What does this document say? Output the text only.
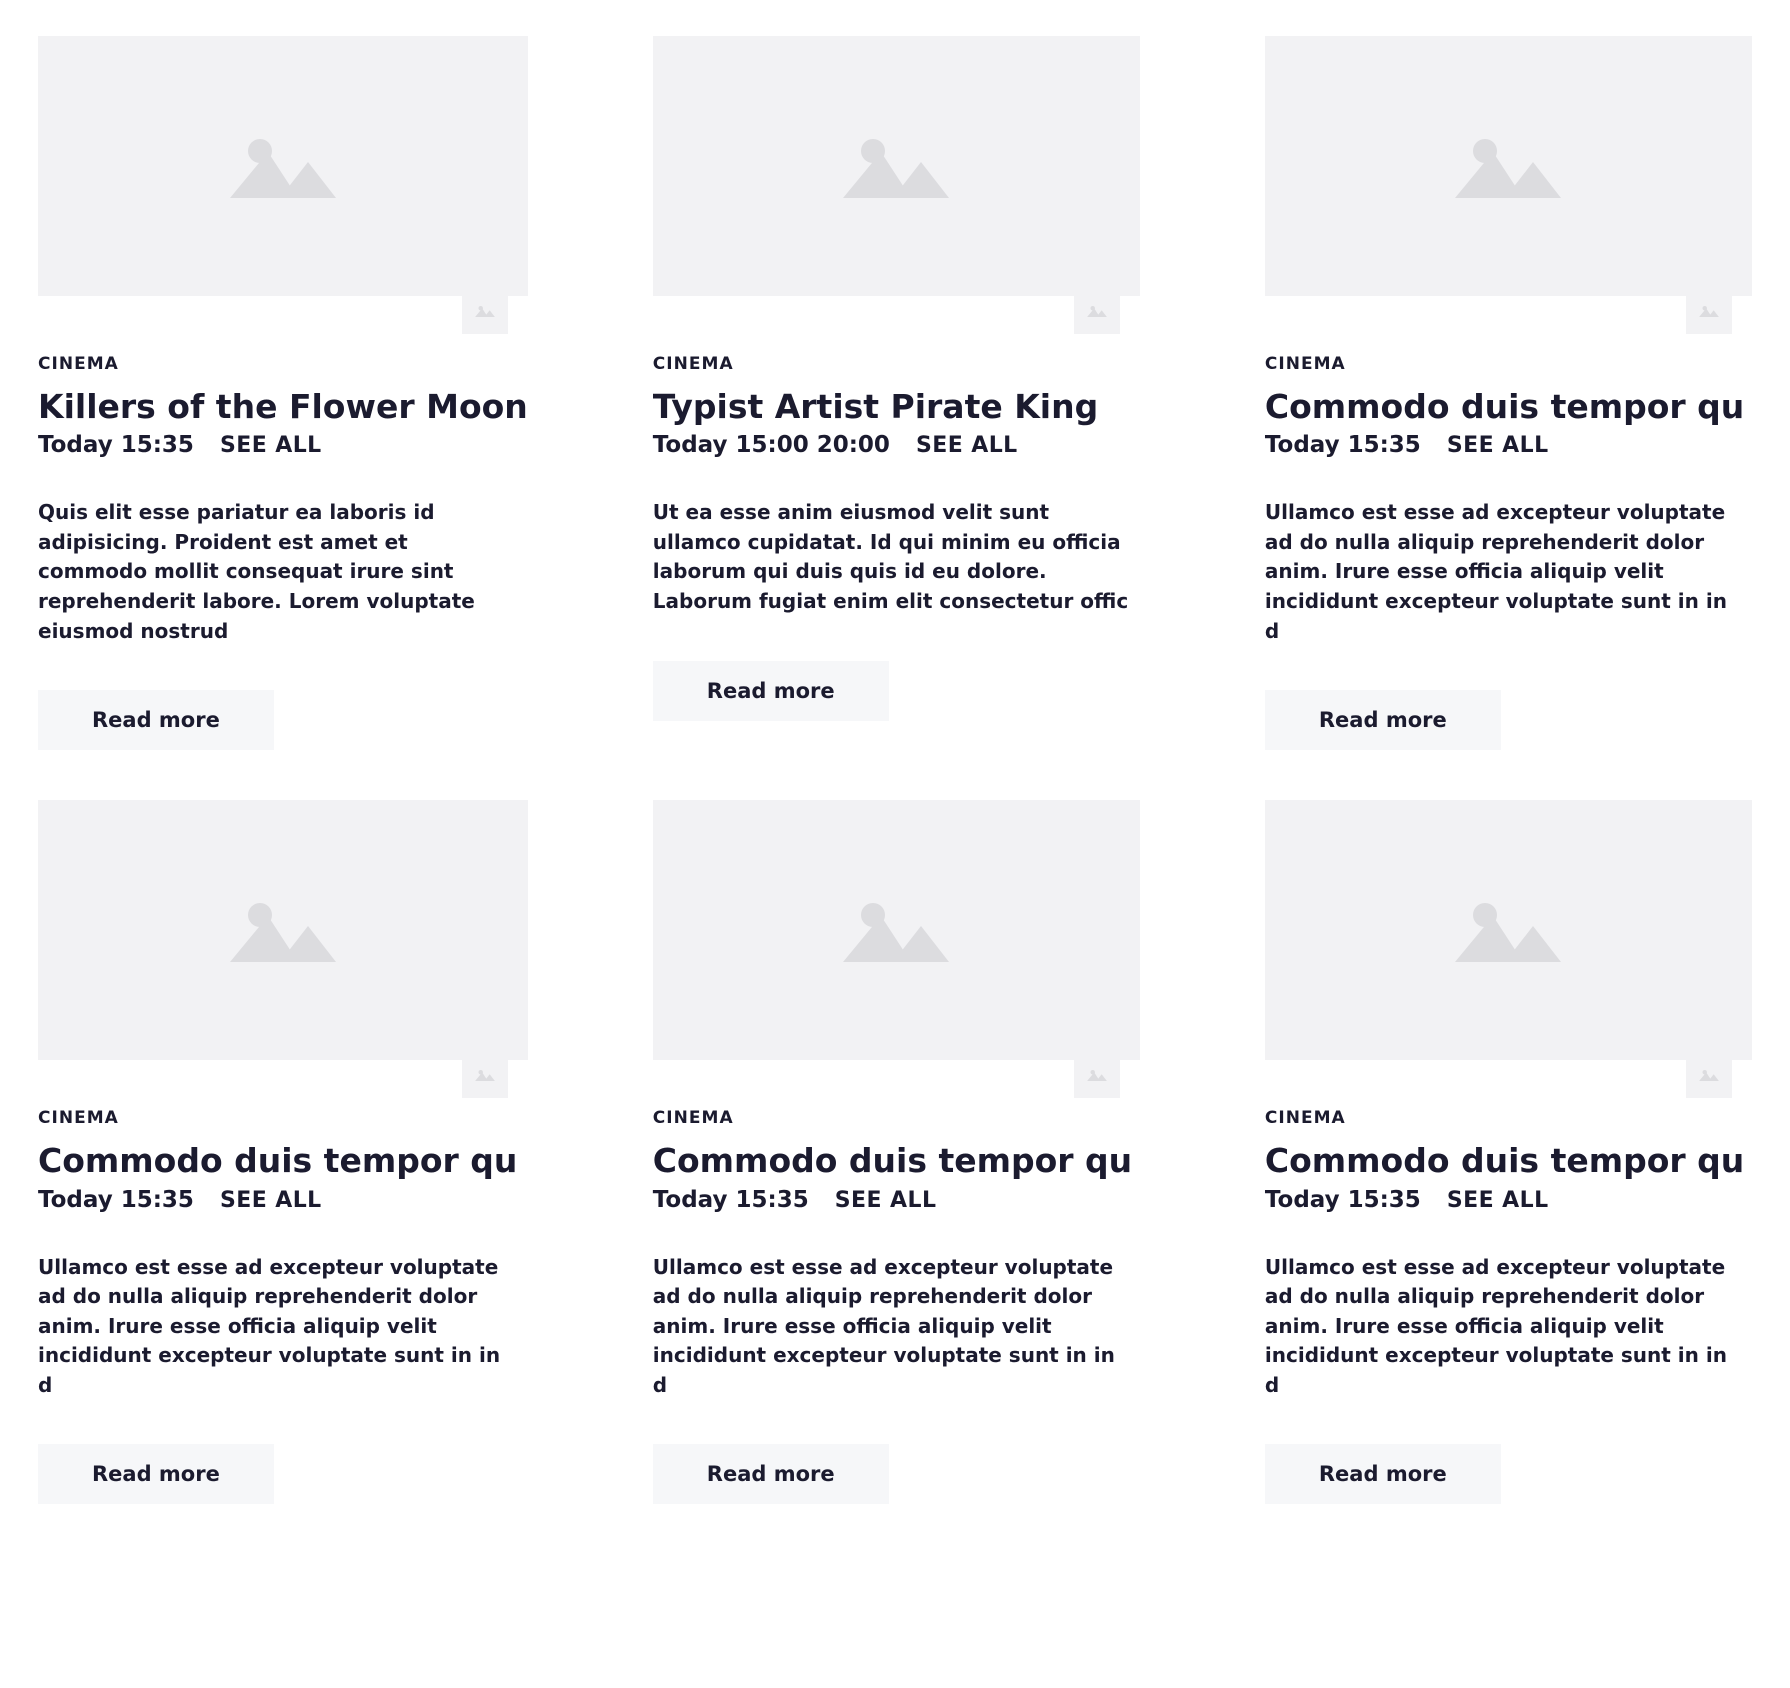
CINEMA
Killers of the Flower Moon
Today 15:35 SEE ALL

Quis elit esse pariatur ea laboris id adipisicing. Proident est amet et commodo mollit consequat irure sint reprehenderit labore. Lorem voluptate eiusmod nostrud

Read more
CINEMA
Typist Artist Pirate King
Today 15:00 20:00 SEE ALL

Ut ea esse anim eiusmod velit sunt ullamco cupidatat. Id qui minim eu officia laborum qui duis quis id eu dolore. Laborum fugiat enim elit consectetur offic

Read more
CINEMA
Commodo duis tempor qu
Today 15:35 SEE ALL

Ullamco est esse ad excepteur voluptate ad do nulla aliquip reprehenderit dolor anim. Irure esse officia aliquip velit incididunt excepteur voluptate sunt in in d

Read more
CINEMA
Commodo duis tempor qu
Today 15:35 SEE ALL

Ullamco est esse ad excepteur voluptate ad do nulla aliquip reprehenderit dolor anim. Irure esse officia aliquip velit incididunt excepteur voluptate sunt in in d

Read more
CINEMA
Commodo duis tempor qu
Today 15:35 SEE ALL

Ullamco est esse ad excepteur voluptate ad do nulla aliquip reprehenderit dolor anim. Irure esse officia aliquip velit incididunt excepteur voluptate sunt in in d

Read more
CINEMA
Commodo duis tempor qu
Today 15:35 SEE ALL

Ullamco est esse ad excepteur voluptate ad do nulla aliquip reprehenderit dolor anim. Irure esse officia aliquip velit incididunt excepteur voluptate sunt in in d

Read more
